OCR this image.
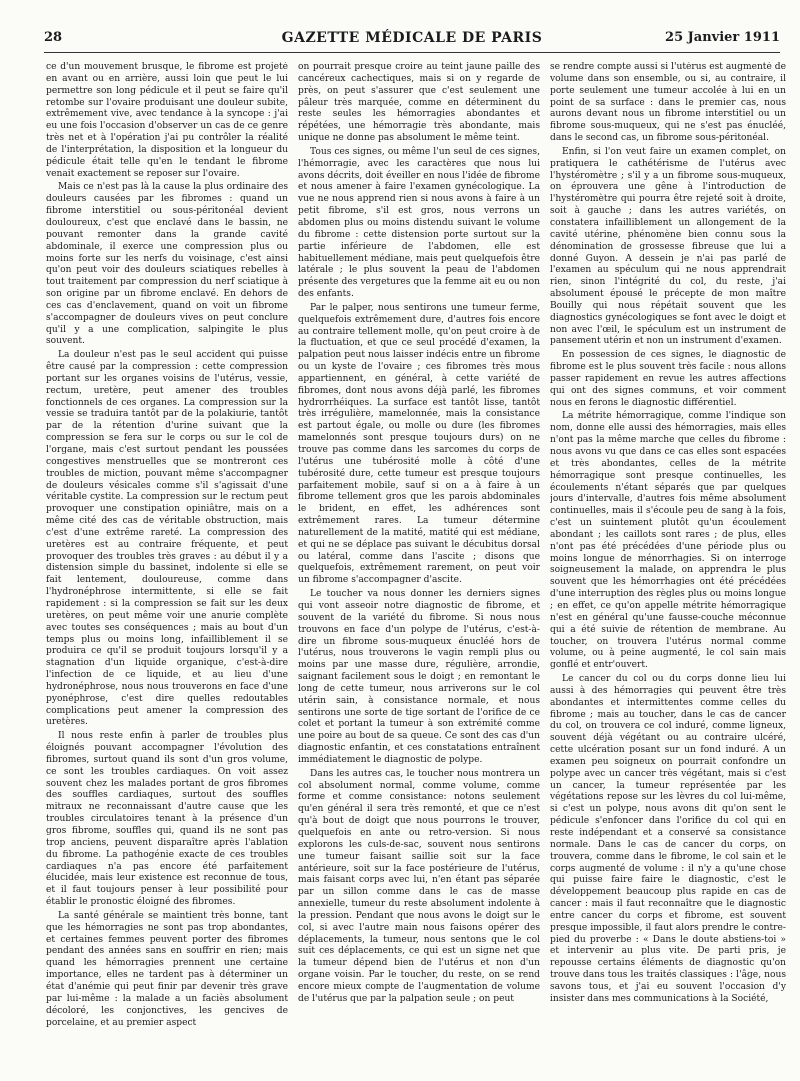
28	GAZETTE MÉDICALE DE PARIS	25 Janvier 1911

ce d'un mouvement brusque, le fibrome est projeté en avant ou en arrière, aussi loin que peut le lui permettre son long pédicule et il peut se faire qu'il retombe sur l'ovaire produisant une douleur subite, extrêmement vive, avec tendance à la syncope : j'ai eu une fois l'occasion d'observer un cas de ce genre très net et à l'opération j'ai pu contrôler la réalité de l'interprétation, la disposition et la longueur du pédicule était telle qu'en le tendant le fibrome venait exactement se reposer sur l'ovaire.

Mais ce n'est pas là la cause la plus ordinaire des douleurs causées par les fibromes : quand un fibrome interstitiel ou sous-péritonéal devient douloureux, c'est que enclavé dans le bassin, ne pouvant remonter dans la grande cavité abdominale, il exerce une compression plus ou moins forte sur les nerfs du voisinage, c'est ainsi qu'on peut voir des douleurs sciatiques rebelles à tout traitement par compression du nerf sciatique à son origine par un fibrome enclavé. En dehors de ces cas d'enclavement, quand on voit un fibrome s'accompagner de douleurs vives on peut conclure qu'il y a une complication, salpingite le plus souvent.

La douleur n'est pas le seul accident qui puisse être causé par la compression : cette compression portant sur les organes voisins de l'utérus, vessie, rectum, uretère, peut amener des troubles fonctionnels de ces organes. La compression sur la vessie se traduira tantôt par de la polakiurie, tantôt par de la rétention d'urine suivant que la compression se fera sur le corps ou sur le col de l'organe, mais c'est surtout pendant les poussées congestives menstruelles que se montreront ces troubles de miction, pouvant même s'accompagner de douleurs vésicales comme s'il s'agissait d'une véritable cystite. La compression sur le rectum peut provoquer une constipation opiniâtre, mais on a même cité des cas de véritable obstruction, mais c'est d'une extrême rareté. La compression des uretères est au contraire fréquente, et peut provoquer des troubles très graves : au début il y a distension simple du bassinet, indolente si elle se fait lentement, douloureuse, comme dans l'hydronéphrose intermittente, si elle se fait rapidement : si la compression se fait sur les deux uretères, on peut même voir une anurie complète avec toutes ses conséquences ; mais au bout d'un temps plus ou moins long, infailliblement il se produira ce qu'il se produit toujours lorsqu'il y a stagnation d'un liquide organique, c'est-à-dire l'infection de ce liquide, et au lieu d'une hydronéphrose, nous nous trouverons en face d'une pyonéphrose, c'est dire quelles redoutables complications peut amener la compression des uretères.

Il nous reste enfin à parler de troubles plus éloignés pouvant accompagner l'évolution des fibromes, surtout quand ils sont d'un gros volume, ce sont les troubles cardiaques. On voit assez souvent chez les malades portant de gros fibromes des souffles cardiaques, surtout des souffles mitraux ne reconnaissant d'autre cause que les troubles circulatoires tenant à la présence d'un gros fibrome, souffles qui, quand ils ne sont pas trop anciens, peuvent disparaître après l'ablation du fibrome. La pathogénie exacte de ces troubles cardiaques n'a pas encore été parfaitement élucidée, mais leur existence est reconnue de tous, et il faut toujours penser à leur possibilité pour établir le pronostic éloigné des fibromes.

La santé générale se maintient très bonne, tant que les hémorragies ne sont pas trop abondantes, et certaines femmes peuvent porter des fibromes pendant des années sans en souffrir en rien; mais quand les hémorragies prennent une certaine importance, elles ne tardent pas à déterminer un état d'anémie qui peut finir par devenir très grave par lui-même : la malade a un faciès absolument décoloré, les conjonctives, les gencives de porcelaine, et au premier aspect

on pourrait presque croire au teint jaune paille des cancéreux cachectiques, mais si on y regarde de près, on peut s'assurer que c'est seulement une pâleur très marquée, comme en déterminent du reste seules les hémorragies abondantes et répétées, une hémorragie très abondante, mais unique ne donne pas absolument le même teint.

Tous ces signes, ou même l'un seul de ces signes, l'hémorragie, avec les caractères que nous lui avons décrits, doit éveiller en nous l'idée de fibrome et nous amener à faire l'examen gynécologique. La vue ne nous apprend rien si nous avons à faire à un petit fibrome, s'il est gros, nous verrons un abdomen plus ou moins distendu suivant le volume du fibrome : cette distension porte surtout sur la partie inférieure de l'abdomen, elle est habituellement médiane, mais peut quelquefois être latérale ; le plus souvent la peau de l'abdomen présente des vergetures que la femme ait eu ou non des enfants.

Par le palper, nous sentirons une tumeur ferme, quelquefois extrêmement dure, d'autres fois encore au contraire tellement molle, qu'on peut croire à de la fluctuation, et que ce seul procédé d'examen, la palpation peut nous laisser indécis entre un fibrome ou un kyste de l'ovaire ; ces fibromes très mous appartiennent, en général, à cette variété de fibromes, dont nous avons déjà parlé, les fibromes hydrorrhéiques. La surface est tantôt lisse, tantôt très irrégulière, mamelonnée, mais la consistance est partout égale, ou molle ou dure (les fibromes mamelonnés sont presque toujours durs) on ne trouve pas comme dans les sarcomes du corps de l'utérus une tubérosité molle à côté d'une tubérosité dure, cette tumeur est presque toujours parfaitement mobile, sauf si on a à faire à un fibrome tellement gros que les parois abdominales le brident, en effet, les adhérences sont extrêmement rares. La tumeur détermine naturellement de la matité, matité qui est médiane, et qui ne se déplace pas suivant le décubitus dorsal ou latéral, comme dans l'ascite ; disons que quelquefois, extrêmement rarement, on peut voir un fibrome s'accompagner d'ascite.

Le toucher va nous donner les derniers signes qui vont asseoir notre diagnostic de fibrome, et souvent de la variété du fibrome. Si nous nous trouvons en face d'un polype de l'utérus, c'est-à-dire un fibrome sous-muqueux énucléé hors de l'utérus, nous trouverons le vagin rempli plus ou moins par une masse dure, régulière, arrondie, saignant facilement sous le doigt ; en remontant le long de cette tumeur, nous arriverons sur le col utérin sain, à consistance normale, et nous sentirons une sorte de tige sortant de l'orifice de ce colet et portant la tumeur à son extrémité comme une poire au bout de sa queue. Ce sont des cas d'un diagnostic enfantin, et ces constatations entraînent immédiatement le diagnostic de polype.

Dans les autres cas, le toucher nous montrera un col absolument normal, comme volume, comme forme et comme consistance: notons seulement qu'en général il sera très remonté, et que ce n'est qu'à bout de doigt que nous pourrons le trouver, quelquefois en ante ou retro-version. Si nous explorons les culs-de-sac, souvent nous sentirons une tumeur faisant saillie soit sur la face antérieure, soit sur la face postérieure de l'utérus, mais faisant corps avec lui, n'en étant pas séparée par un sillon comme dans le cas de masse annexielle, tumeur du reste absolument indolente à la pression. Pendant que nous avons le doigt sur le col, si avec l'autre main nous faisons opérer des déplacements, la tumeur, nous sentons que le col suit ces déplacements, ce qui est un signe net que la tumeur dépend bien de l'utérus et non d'un organe voisin. Par le toucher, du reste, on se rend encore mieux compte de l'augmentation de volume de l'utérus que par la palpation seule ; on peut

se rendre compte aussi si l'utérus est augmenté de volume dans son ensemble, ou si, au contraire, il porte seulement une tumeur accolée à lui en un point de sa surface : dans le premier cas, nous aurons devant nous un fibrome interstitiel ou un fibrome sous-muqueux, qui ne s'est pas énucléé, dans le second cas, un fibrome sous-péritonéal.

Enfin, si l'on veut faire un examen complet, on pratiquera le cathétérisme de l'utérus avec l'hystéromètre ; s'il y a un fibrome sous-muqueux, on éprouvera une gêne à l'introduction de l'hystéromètre qui pourra être rejeté soit à droite, soit à gauche ; dans les autres variétés, on constatera infailliblement un allongement de la cavité utérine, phénomène bien connu sous la dénomination de grossesse fibreuse que lui a donné Guyon. A dessein je n'ai pas parlé de l'examen au spéculum qui ne nous apprendrait rien, sinon l'intégrité du col, du reste, j'ai absolument épousé le précepte de mon maître Bouilly qui nous répétait souvent que les diagnostics gynécologiques se font avec le doigt et non avec l'œil, le spéculum est un instrument de pansement utérin et non un instrument d'examen.

En possession de ces signes, le diagnostic de fibrome est le plus souvent très facile : nous allons passer rapidement en revue les autres affections qui ont des signes communs, et voir comment nous en ferons le diagnostic différentiel.

La métrite hémorragique, comme l'indique son nom, donne elle aussi des hémorragies, mais elles n'ont pas la même marche que celles du fibrome : nous avons vu que dans ce cas elles sont espacées et très abondantes, celles de la métrite hémorragique sont presque continuelles, les écoulements n'étant séparés que par quelques jours d'intervalle, d'autres fois même absolument continuelles, mais il s'écoule peu de sang à la fois, c'est un suintement plutôt qu'un écoulement abondant ; les caillots sont rares ; de plus, elles n'ont pas été précédées d'une période plus ou moins longue de ménorrhagies. Si on interroge soigneusement la malade, on apprendra le plus souvent que les hémorrhagies ont été précédées d'une interruption des règles plus ou moins longue ; en effet, ce qu'on appelle métrite hémorragique n'est en général qu'une fausse-couche méconnue qui a été suivie de rétention de membrane. Au toucher, on trouvera l'utérus normal comme volume, ou à peine augmenté, le col sain mais gonflé et entr'ouvert.

Le cancer du col ou du corps donne lieu lui aussi à des hémorragies qui peuvent être très abondantes et intermittentes comme celles du fibrome ; mais au toucher, dans le cas de cancer du col, on trouvera ce col induré, comme ligneux, souvent déjà végétant ou au contraire ulcéré, cette ulcération posant sur un fond induré. A un examen peu soigneux on pourrait confondre un polype avec un cancer très végétant, mais si c'est un cancer, la tumeur représentée par les végétations repose sur les lèvres du col lui-même, si c'est un polype, nous avons dit qu'on sent le pédicule s'enfoncer dans l'orifice du col qui en reste indépendant et a conservé sa consistance normale. Dans le cas de cancer du corps, on trouvera, comme dans le fibrome, le col sain et le corps augmenté de volume : il n'y a qu'une chose qui puisse faire faire le diagnostic, c'est le développement beaucoup plus rapide en cas de cancer : mais il faut reconnaître que le diagnostic entre cancer du corps et fibrome, est souvent presque impossible, il faut alors prendre le contre-pied du proverbe : « Dans le doute abstiens-toi » et intervenir au plus vite. De parti pris, je repousse certains éléments de diagnostic qu'on trouve dans tous les traités classiques : l'âge, nous savons tous, et j'ai eu souvent l'occasion d'y insister dans mes communications à la Société,
